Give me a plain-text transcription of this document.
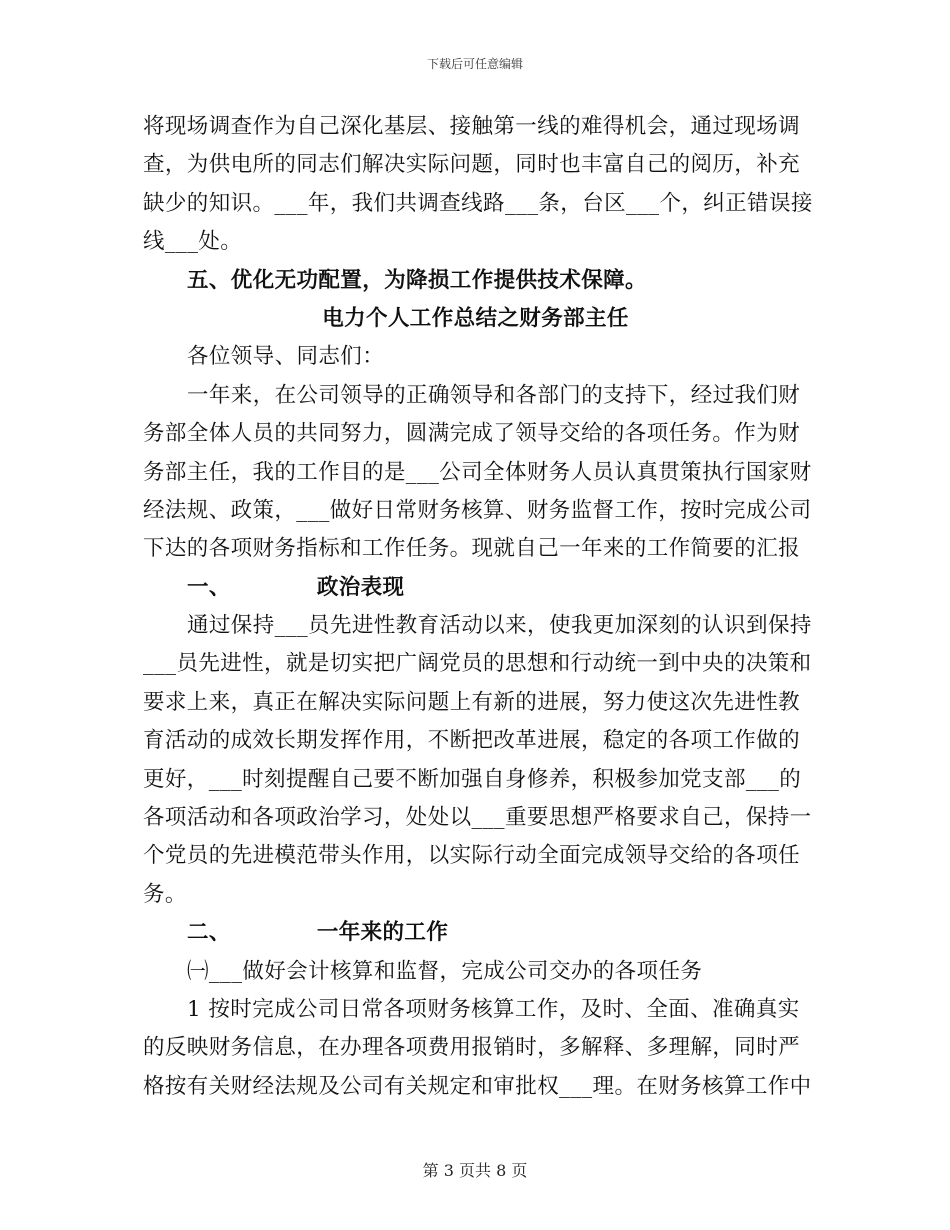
下载后可任意编辑
将现场调查作为自己深化基层、接触第一线的难得机会，通过现场调
查，为供电所的同志们解决实际问题，同时也丰富自己的阅历，补充
缺少的知识。___年，我们共调查线路___条，台区___个，纠正错误接
线___处。
五、优化无功配置，为降损工作提供技术保障。
电力个人工作总结之财务部主任
各位领导、同志们：
一年来，在公司领导的正确领导和各部门的支持下，经过我们财
务部全体人员的共同努力，圆满完成了领导交给的各项任务。作为财
务部主任，我的工作目的是___公司全体财务人员认真贯策执行国家财
经法规、政策，___做好日常财务核算、财务监督工作，按时完成公司
下达的各项财务指标和工作任务。现就自己一年来的工作简要的汇报
一、	政治表现
通过保持___员先进性教育活动以来，使我更加深刻的认识到保持
___员先进性，就是切实把广阔党员的思想和行动统一到中央的决策和
要求上来，真正在解决实际问题上有新的进展，努力使这次先进性教
育活动的成效长期发挥作用，不断把改革进展，稳定的各项工作做的
更好，___时刻提醒自己要不断加强自身修养，积极参加党支部___的
各项活动和各项政治学习，处处以___重要思想严格要求自己，保持一
个党员的先进模范带头作用，以实际行动全面完成领导交给的各项任
务。
二、	一年来的工作
㈠___做好会计核算和监督，完成公司交办的各项任务
1 按时完成公司日常各项财务核算工作，及时、全面、准确真实
的反映财务信息，在办理各项费用报销时，多解释、多理解，同时严
格按有关财经法规及公司有关规定和审批权___理。在财务核算工作中
第 3 页共 8 页
